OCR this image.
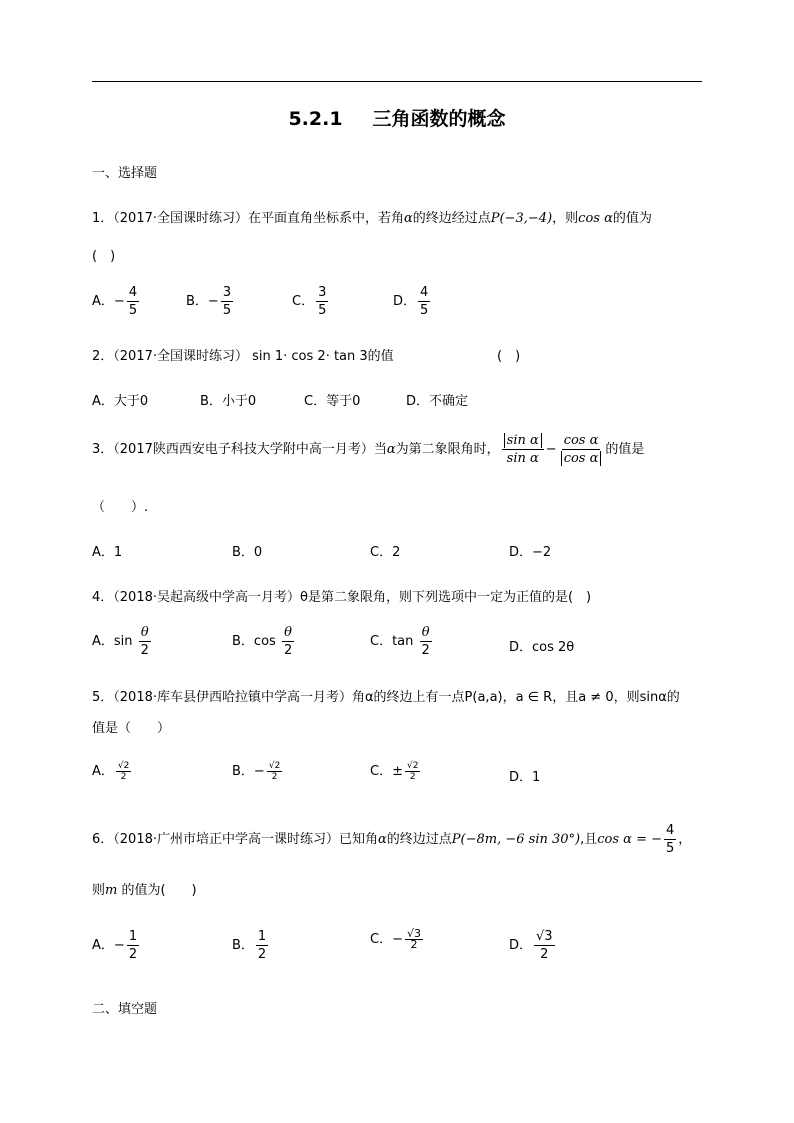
5.2.1 三角函数的概念
一、选择题
1．（2017·全国课时练习）在平面直角坐标系中，若角α的终边经过点P(−3,−4)，则cos α的值为
(　)
A．− $\frac{4}{5}$	B．− $\frac{3}{5}$	C． $\frac{3}{5}$	D． $\frac{4}{5}$
2．（2017·全国课时练习） sin 1· cos 2· tan 3的值	(　)
A．大于0	B．小于0	C．等于0	D．不确定
3．（2017陕西西安电子科技大学附中高一月考）当α为第二象限角时， $\frac{\text{sin α}}{\text{sin α}} - \frac{\text{cos α}}{\text{cos α}}$ 的值是
（　　）.
A．1	B．0	C．2	D．−2
4．（2018·吴起高级中学高一月考）θ是第二象限角，则下列选项中一定为正值的是(　)
A．$\sin \frac{\theta}{2}$	B．$\cos \frac{\theta}{2}$	C．$\tan \frac{\theta}{2}$	D．cos 2θ
5．（2018·库车县伊西哈拉镇中学高一月考）角α的终边上有一点P(a,a)，a ∈ R，且a ≠ 0，则sinα的
值是（　　）
A． $\frac{√2}{2}$	B．− $\frac{√2}{2}$	C．± $\frac{√2}{2}$	D．1
6．（2018·广州市培正中学高一课时练习）已知角α的终边过点P(−8m, −6 sin 30°),且cos α = − $\frac{4}{5}$ ，
则m 的值为(　　)
A．− $\frac{1}{2}$	B． $\frac{1}{2}$	C．− $\frac{√3}{2}$	D． $\frac{√3}{2}$
二、填空题
